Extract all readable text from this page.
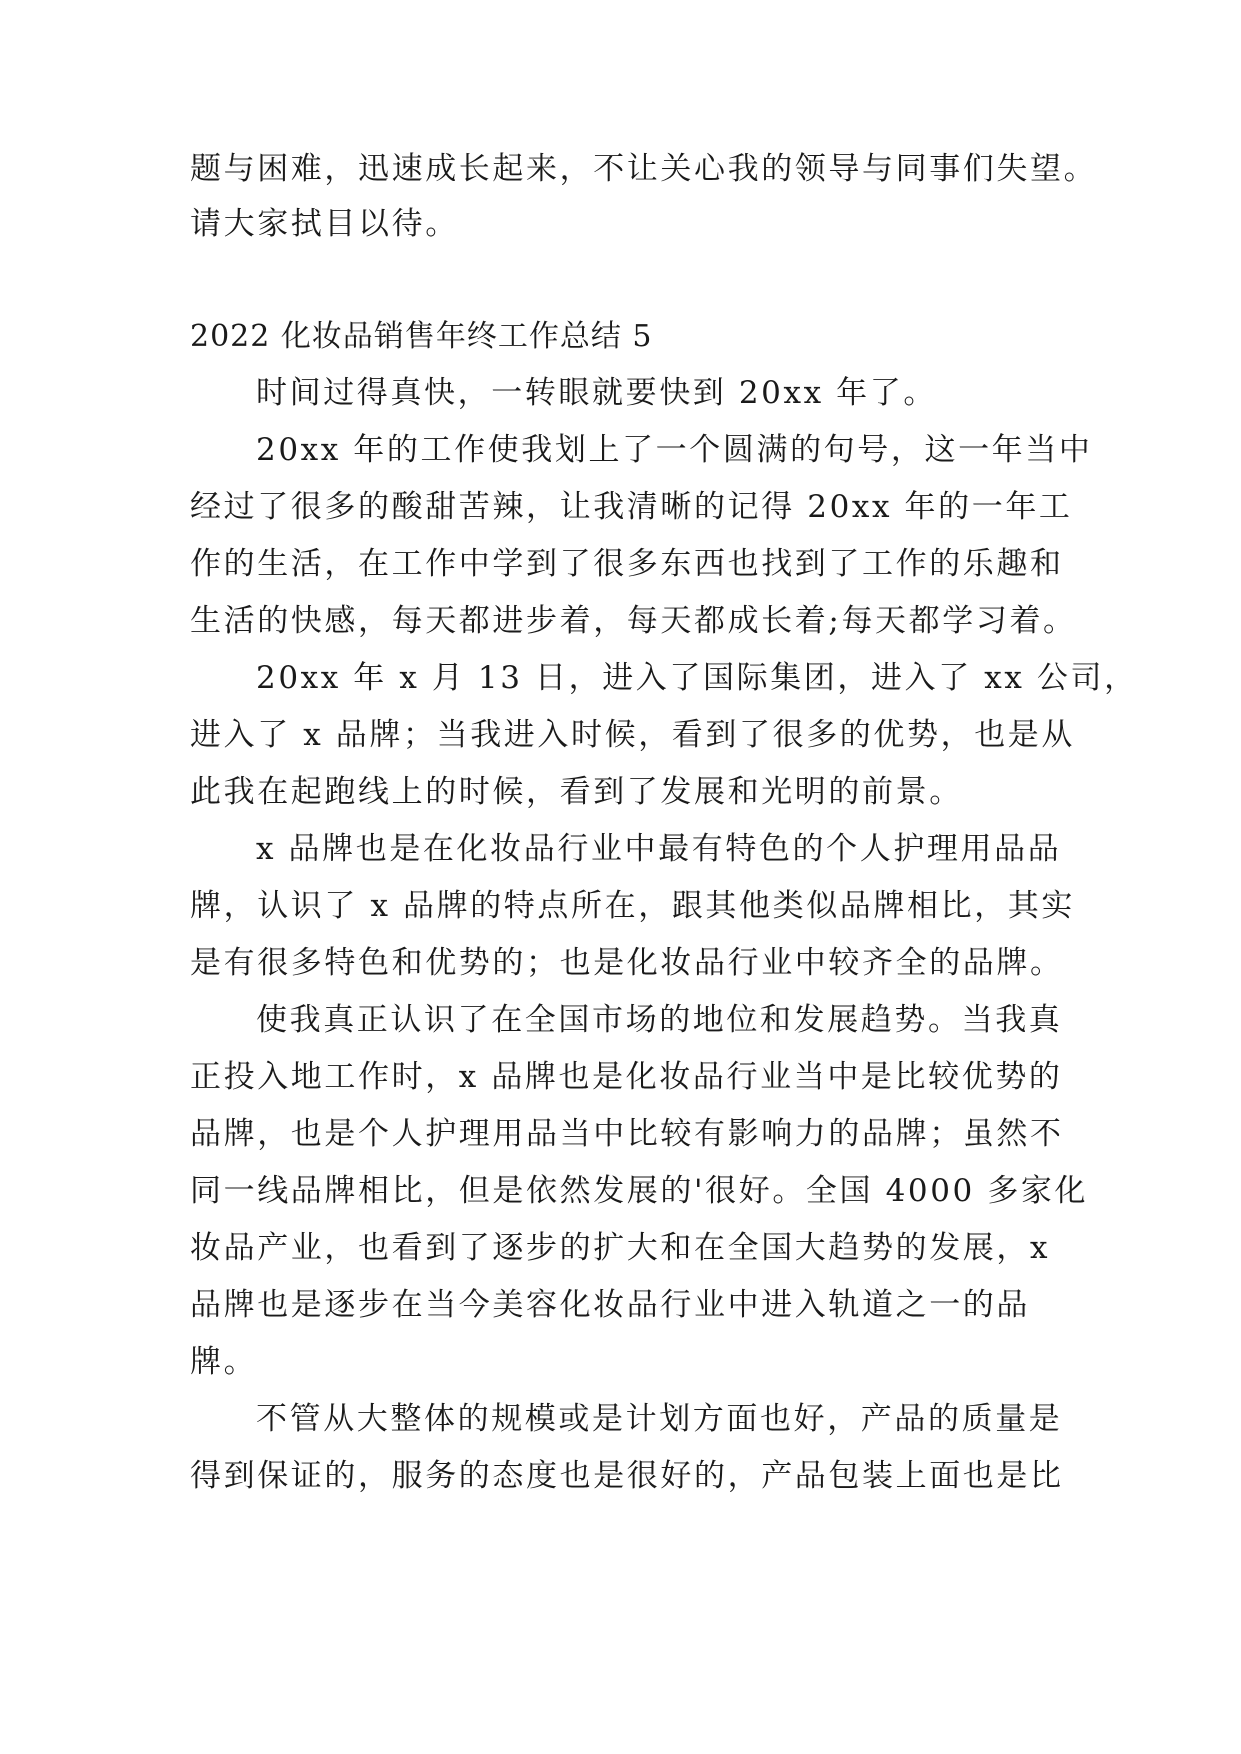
题与困难，迅速成长起来，不让关心我的领导与同事们失望。
请大家拭目以待。
2022 化妆品销售年终工作总结 5
时间过得真快，一转眼就要快到 20xx 年了。
20xx 年的工作使我划上了一个圆满的句号，这一年当中
经过了很多的酸甜苦辣，让我清晰的记得 20xx 年的一年工
作的生活，在工作中学到了很多东西也找到了工作的乐趣和
生活的快感，每天都进步着，每天都成长着;每天都学习着。
20xx 年 x 月 13 日，进入了国际集团，进入了 xx 公司，
进入了 x 品牌；当我进入时候，看到了很多的优势，也是从
此我在起跑线上的时候，看到了发展和光明的前景。
x 品牌也是在化妆品行业中最有特色的个人护理用品品
牌，认识了 x 品牌的特点所在，跟其他类似品牌相比，其实
是有很多特色和优势的；也是化妆品行业中较齐全的品牌。
使我真正认识了在全国市场的地位和发展趋势。当我真
正投入地工作时，x 品牌也是化妆品行业当中是比较优势的
品牌，也是个人护理用品当中比较有影响力的品牌；虽然不
同一线品牌相比，但是依然发展的'很好。全国 4000 多家化
妆品产业，也看到了逐步的扩大和在全国大趋势的发展，x
品牌也是逐步在当今美容化妆品行业中进入轨道之一的品
牌。
不管从大整体的规模或是计划方面也好，产品的质量是
得到保证的，服务的态度也是很好的，产品包装上面也是比
